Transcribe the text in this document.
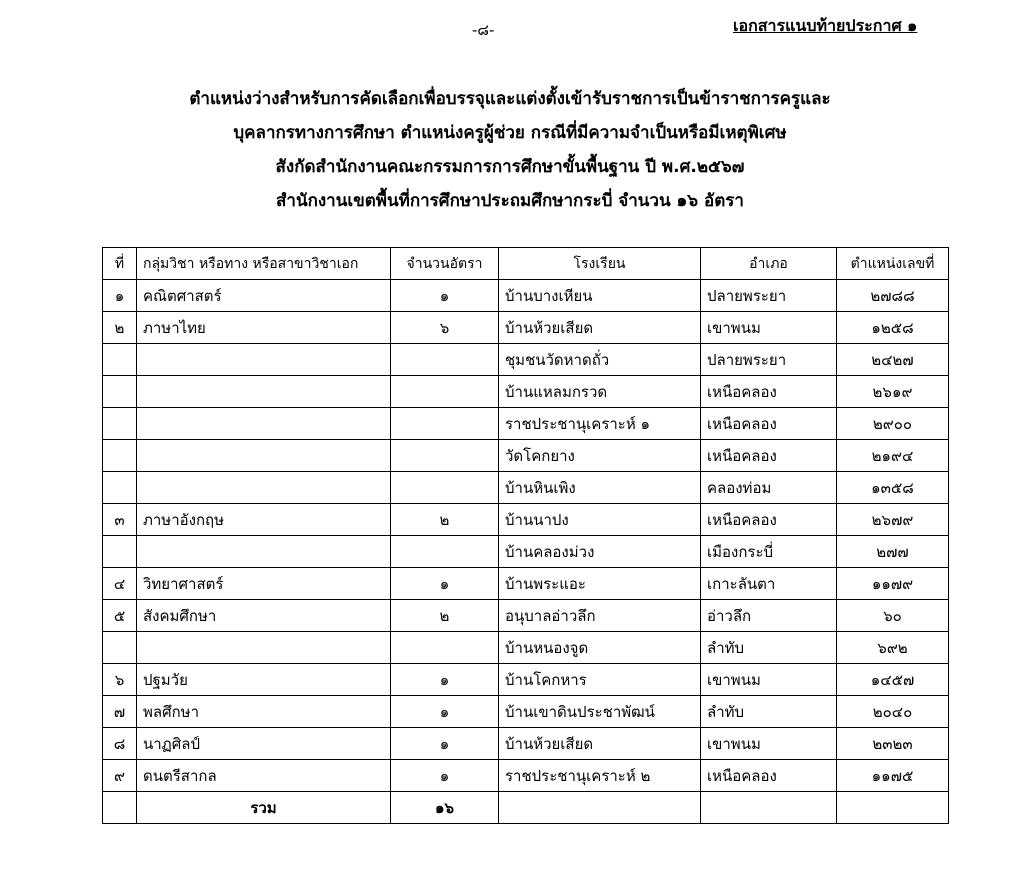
-๘-	เอกสารแนบท้ายประกาศ ๑
ตำแหน่งว่างสำหรับการคัดเลือกเพื่อบรรจุและแต่งตั้งเข้ารับราชการเป็นข้าราชการครูและ
บุคลากรทางการศึกษา ตำแหน่งครูผู้ช่วย กรณีที่มีความจำเป็นหรือมีเหตุพิเศษ
สังกัดสำนักงานคณะกรรมการการศึกษาขั้นพื้นฐาน ปี พ.ศ.๒๕๖๗
สำนักงานเขตพื้นที่การศึกษาประถมศึกษากระบี่ จำนวน ๑๖ อัตรา
ที่	กลุ่มวิชา หรือทาง หรือสาขาวิชาเอก	จำนวนอัตรา	โรงเรียน	อำเภอ	ตำแหน่งเลขที่
๑	คณิตศาสตร์	๑	บ้านบางเหียน	ปลายพระยา	๒๗๘๘
๒	ภาษาไทย	๖	บ้านห้วยเสียด	เขาพนม	๑๒๕๘
			ชุมชนวัดหาดถั่ว	ปลายพระยา	๒๔๒๗
			บ้านแหลมกรวด	เหนือคลอง	๒๖๑๙
			ราชประชานุเคราะห์ ๑	เหนือคลอง	๒๙๐๐
			วัดโคกยาง	เหนือคลอง	๒๑๙๔
			บ้านหินเพิง	คลองท่อม	๑๓๕๘
๓	ภาษาอังกฤษ	๒	บ้านนาปง	เหนือคลอง	๒๖๗๙
			บ้านคลองม่วง	เมืองกระบี่	๒๗๗
๔	วิทยาศาสตร์	๑	บ้านพระแอะ	เกาะลันตา	๑๑๗๙
๕	สังคมศึกษา	๒	อนุบาลอ่าวลึก	อ่าวลึก	๖๐
			บ้านหนองจูด	ลำทับ	๖๙๒
๖	ปฐมวัย	๑	บ้านโคกหาร	เขาพนม	๑๔๕๗
๗	พลศึกษา	๑	บ้านเขาดินประชาพัฒน์	ลำทับ	๒๐๔๐
๘	นาฏศิลป์	๑	บ้านห้วยเสียด	เขาพนม	๒๓๒๓
๙	ดนตรีสากล	๑	ราชประชานุเคราะห์ ๒	เหนือคลอง	๑๑๗๕
	รวม	๑๖			
